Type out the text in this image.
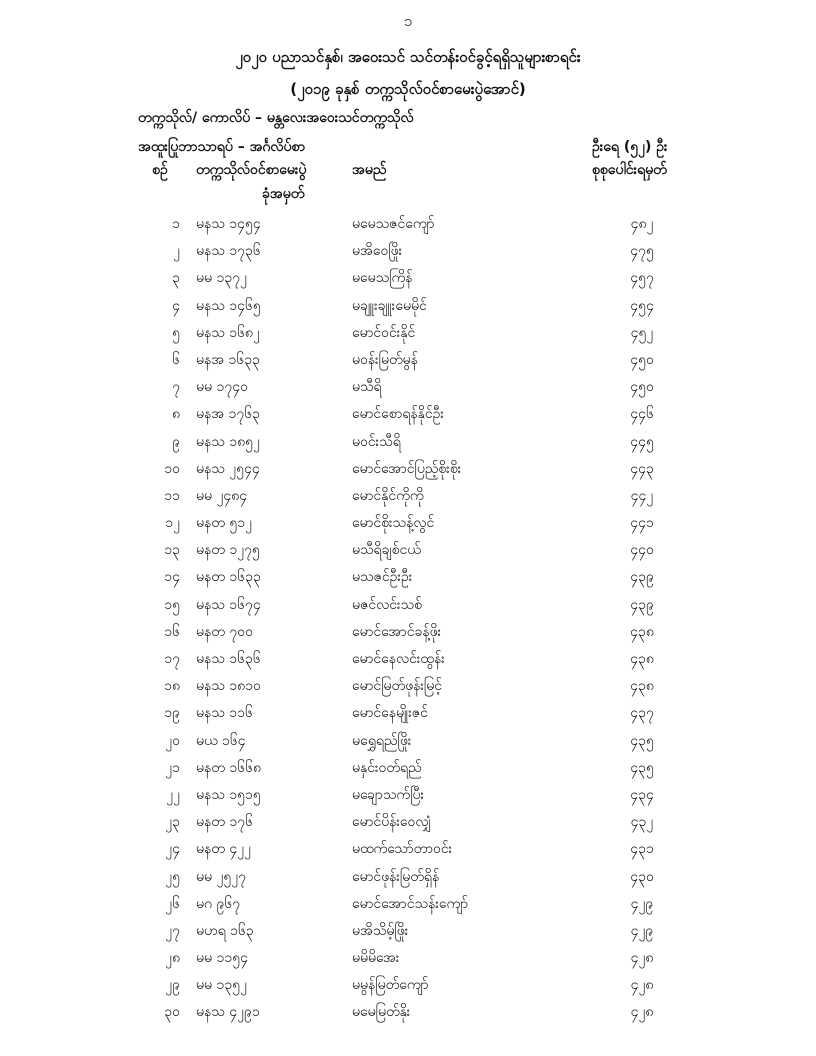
၁
၂၀၂၀ ပညာသင်နှစ်၊ အဝေးသင် သင်တန်းဝင်ခွင့်ရရှိသူများစာရင်း
(၂၀၁၉ ခုနှစ် တက္ကသိုလ်ဝင်စာမေးပွဲအောင်)
တက္ကသိုလ်/ ကောလိပ် – မန္တလေးအဝေးသင်တက္ကသိုလ်
အထူးပြုဘာသာရပ် – အင်္ဂလိပ်စာ	ဦးရေ (၅၂) ဦး
စဉ်	တက္ကသိုလ်ဝင်စာမေးပွဲ
ခုံအမှတ်
အမည်	စုစုပေါင်းရမှတ်
၁ မနသ ၁၄၅၄	မမေသဇင်ကျော်	၄၈၂
၂ မနသ ၁၇၃၆	မအိဝေဖြိုး	၄၇၅
၃ မမ ၁၃၇၂	မမေသကြိန်	၄၅၇
၄ မနသ ၁၄၆၅	မချူးချူးမေမိုင်	၄၅၄
၅ မနသ ၁၆၈၂	မောင်ဝင်းနိုင်	၄၅၂
၆ မနအ ၁၆၃၃	မဝန်းမြတ်မွန်	၄၅၀
၇ မမ ၁၇၄၀	မသီရိ	၄၅၀
၈ မနအ ၁၇၆၃	မောင်စောရန်နိုင်ဦး	၄၄၆
၉ မနသ ၁၈၅၂	မဝင်းသီရိ	၄၄၅
၁၀ မနသ ၂၅၄၄	မောင်အောင်ပြည့်စိုးစိုး	၄၄၃
၁၁ မမ ၂၄၈၄	မောင်နိုင်ကိုကို	၄၄၂
၁၂ မနတ ၅၁၂	မောင်စိုးသန့်လွင်	၄၄၁
၁၃ မနတ ၁၂၇၅	မသီရိချစ်ငယ်	၄၄၀
၁၄ မနတ ၁၆၃၃	မသဇင်ဦးဦး	၄၃၉
၁၅ မနသ ၁၆၇၄	မဇင်လင်းသစ်	၄၃၉
၁၆ မနတ ၇၀၀	မောင်အောင်ခန့်ဖိုး	၄၃၈
၁၇ မနသ ၁၆၃၆	မောင်နေလင်းထွန်း	၄၃၈
၁၈ မနသ ၁၈၁၀	မောင်မြတ်ဖုန်းမြင့်	၄၃၈
၁၉ မနသ ၁၁၆	မောင်နေမျိုးဇင်	၄၃၇
၂၀ မယ ၁၆၄	မရွှေရည်ဖြိုး	၄၃၅
၂၁ မနတ ၁၆၆၈	မနှင်းဝတ်ရည်	၄၃၅
၂၂ မနသ ၁၅၁၅	မချောသက်ပြီး	၄၃၄
၂၃ မနတ ၁၇၆	မောင်ပိန်းဝေလျှံ	၄၃၂
၂၄ မနတ ၄၂၂	မထက်သော်တာဝင်း	၄၃၁
၂၅ မမ ၂၅၂၇	မောင်ဖုန်းမြတ်ရှိန်	၄၃၀
၂၆ မဂ ၉၆၇	မောင်အောင်သန်းကျော်	၄၂၉
၂၇ မဟရ ၁၆၃	မအိသိမ့်ဖြိုး	၄၂၉
၂၈ မမ ၁၁၅၄	မမိမိအေး	၄၂၈
၂၉ မမ ၁၃၅၂	မမွန်မြတ်ကျော်	၄၂၈
၃၀ မနသ ၄၂၉၁	မမေမြတ်နိုး	၄၂၈
